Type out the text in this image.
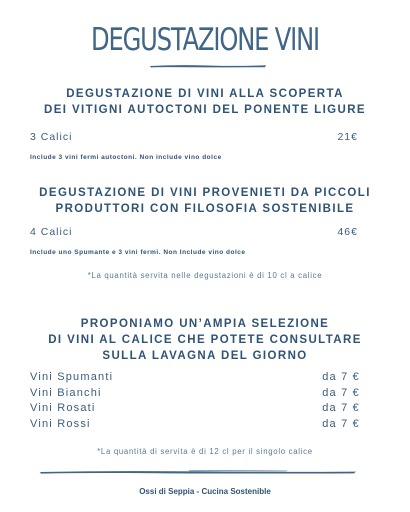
DEGUSTAZIONE VINI
DEGUSTAZIONE DI VINI ALLA SCOPERTA
DEI VITIGNI AUTOCTONI DEL PONENTE LIGURE
3 Calici	21€
Include 3 vini fermi autoctoni. Non include vino dolce
DEGUSTAZIONE DI VINI PROVENIETI DA PICCOLI
PRODUTTORI CON FILOSOFIA SOSTENIBILE
4 Calici	46€
Include uno Spumante e 3 vini fermi. Non Include vino dolce
*La quantità servita nelle degustazioni è di 10 cl a calice
PROPONIAMO UN’AMPIA SELEZIONE
DI VINI AL CALICE CHE POTETE CONSULTARE
SULLA LAVAGNA DEL GIORNO
Vini Spumanti	da 7 €
Vini Bianchi	da 7 €
Vini Rosati	da 7 €
Vini Rossi	da 7 €
*La quantità di servita è di 12 cl per il singolo calice
Ossi di Seppia - Cucina Sostenible
